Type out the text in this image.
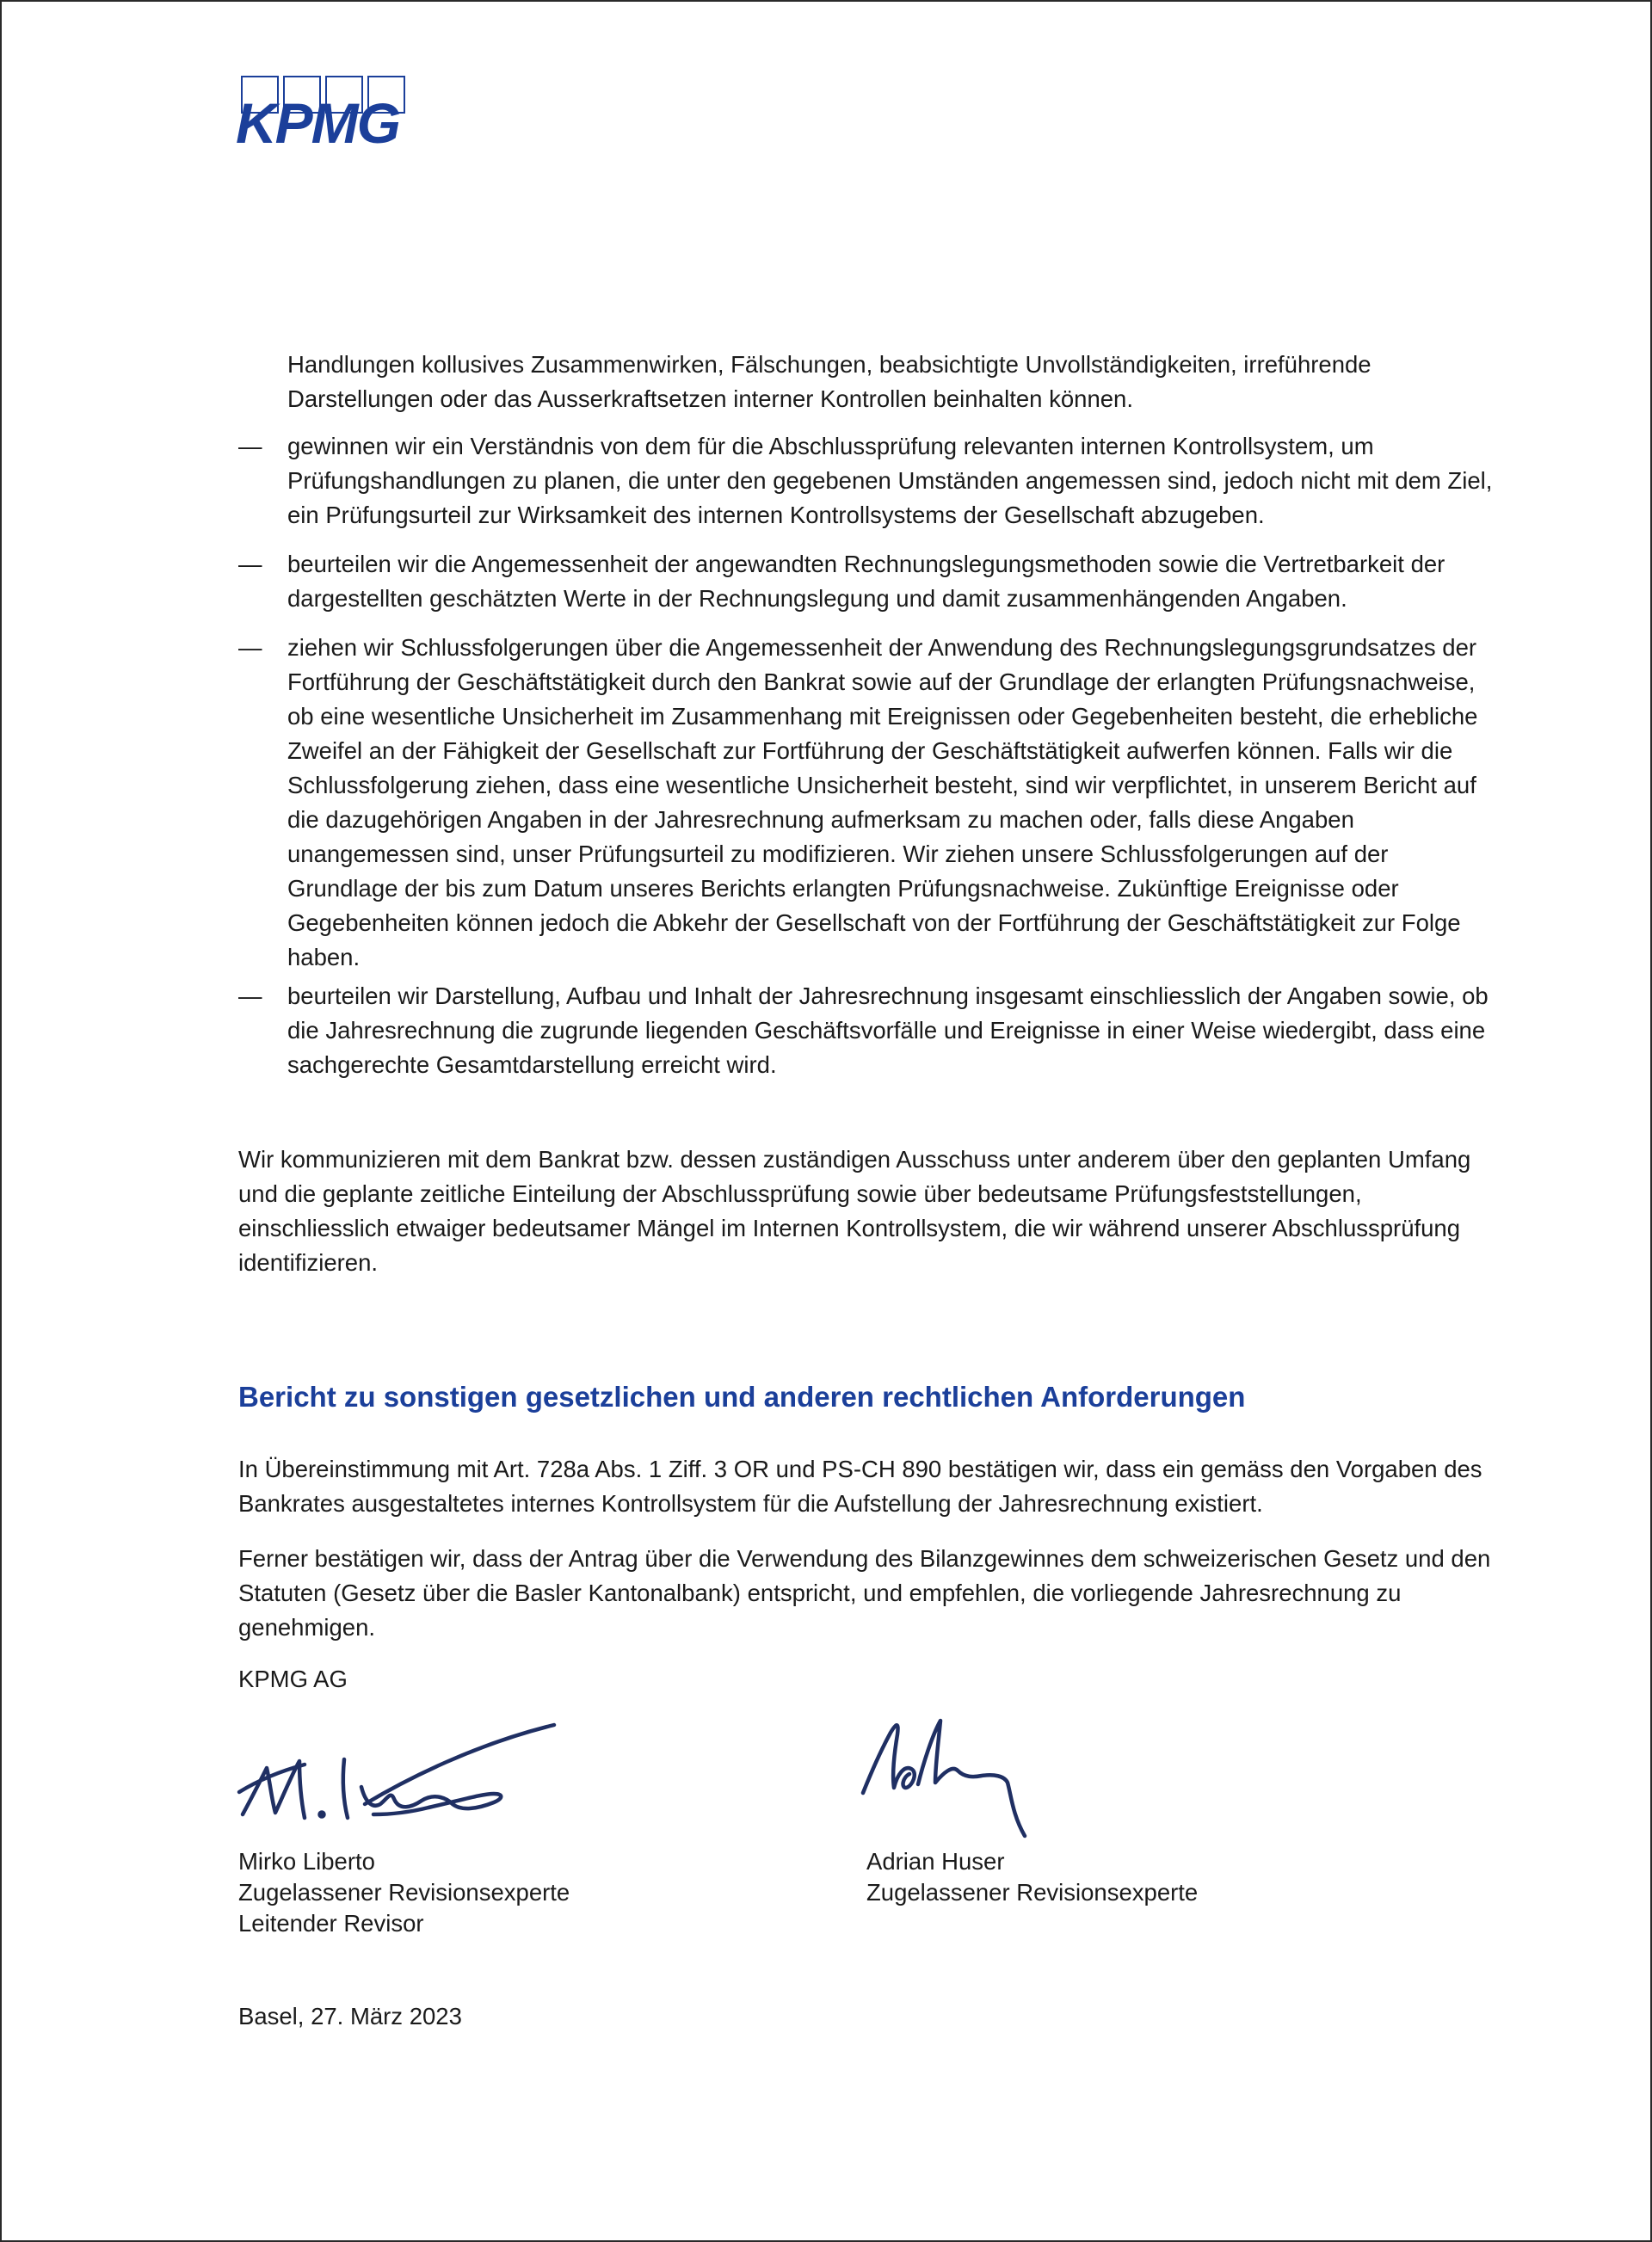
KPMG

Handlungen kollusives Zusammenwirken, Fälschungen, beabsichtigte Unvollständigkeiten, irreführende Darstellungen oder das Ausserkraftsetzen interner Kontrollen beinhalten können.

— gewinnen wir ein Verständnis von dem für die Abschlussprüfung relevanten internen Kontrollsystem, um Prüfungshandlungen zu planen, die unter den gegebenen Umständen angemessen sind, jedoch nicht mit dem Ziel, ein Prüfungsurteil zur Wirksamkeit des internen Kontrollsystems der Gesellschaft abzugeben.
— beurteilen wir die Angemessenheit der angewandten Rechnungslegungsmethoden sowie die Vertretbarkeit der dargestellten geschätzten Werte in der Rechnungslegung und damit zusammenhängenden Angaben.
— ziehen wir Schlussfolgerungen über die Angemessenheit der Anwendung des Rechnungslegungsgrundsatzes der Fortführung der Geschäftstätigkeit durch den Bankrat sowie auf der Grundlage der erlangten Prüfungsnachweise, ob eine wesentliche Unsicherheit im Zusammenhang mit Ereignissen oder Gegebenheiten besteht, die erhebliche Zweifel an der Fähigkeit der Gesellschaft zur Fortführung der Geschäftstätigkeit aufwerfen können. Falls wir die Schlussfolgerung ziehen, dass eine wesentliche Unsicherheit besteht, sind wir verpflichtet, in unserem Bericht auf die dazugehörigen Angaben in der Jahresrechnung aufmerksam zu machen oder, falls diese Angaben unangemessen sind, unser Prüfungsurteil zu modifizieren. Wir ziehen unsere Schlussfolgerungen auf der Grundlage der bis zum Datum unseres Berichts erlangten Prüfungsnachweise. Zukünftige Ereignisse oder Gegebenheiten können jedoch die Abkehr der Gesellschaft von der Fortführung der Geschäftstätigkeit zur Folge haben.
— beurteilen wir Darstellung, Aufbau und Inhalt der Jahresrechnung insgesamt einschliesslich der Angaben sowie, ob die Jahresrechnung die zugrunde liegenden Geschäftsvorfälle und Ereignisse in einer Weise wiedergibt, dass eine sachgerechte Gesamtdarstellung erreicht wird.

Wir kommunizieren mit dem Bankrat bzw. dessen zuständigen Ausschuss unter anderem über den geplanten Umfang und die geplante zeitliche Einteilung der Abschlussprüfung sowie über bedeutsame Prüfungsfeststellungen, einschliesslich etwaiger bedeutsamer Mängel im Internen Kontrollsystem, die wir während unserer Abschlussprüfung identifizieren.

Bericht zu sonstigen gesetzlichen und anderen rechtlichen Anforderungen

In Übereinstimmung mit Art. 728a Abs. 1 Ziff. 3 OR und PS-CH 890 bestätigen wir, dass ein gemäss den Vorgaben des Bankrates ausgestaltetes internes Kontrollsystem für die Aufstellung der Jahresrechnung existiert.

Ferner bestätigen wir, dass der Antrag über die Verwendung des Bilanzgewinnes dem schweizerischen Gesetz und den Statuten (Gesetz über die Basler Kantonalbank) entspricht, und empfehlen, die vorliegende Jahresrechnung zu genehmigen.

KPMG AG

Mirko Liberto
Zugelassener Revisionsexperte
Leitender Revisor
Adrian Huser
Zugelassener Revisionsexperte

Basel, 27. März 2023
